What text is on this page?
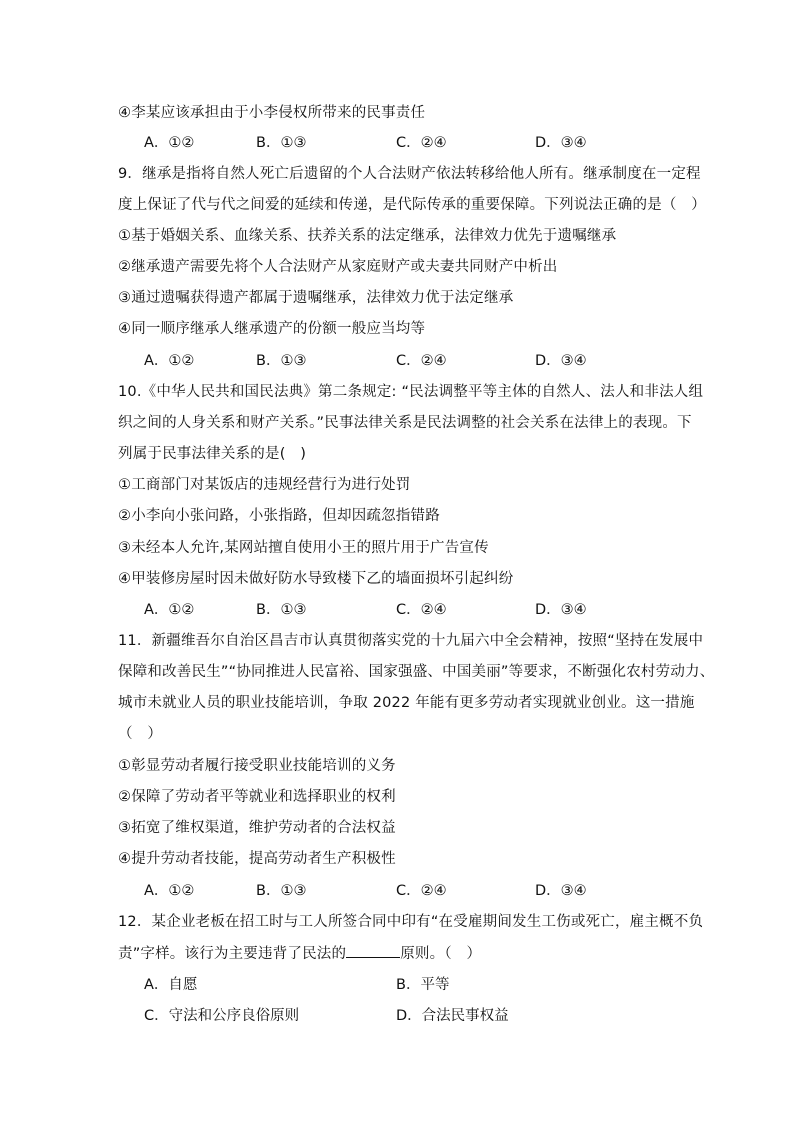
④李某应该承担由于小李侵权所带来的民事责任
A．①②	B．①③	C．②④	D．③④
9．继承是指将自然人死亡后遗留的个人合法财产依法转移给他人所有。继承制度在一定程
度上保证了代与代之间爱的延续和传递，是代际传承的重要保障。下列说法正确的是（　）
①基于婚姻关系、血缘关系、扶养关系的法定继承，法律效力优先于遗嘱继承
②继承遗产需要先将个人合法财产从家庭财产或夫妻共同财产中析出
③通过遗嘱获得遗产都属于遗嘱继承，法律效力优于法定继承
④同一顺序继承人继承遗产的份额一般应当均等
A．①②	B．①③	C．②④	D．③④
10.《中华人民共和国民法典》第二条规定: “民法调整平等主体的自然人、法人和非法人组
织之间的人身关系和财产关系。”民事法律关系是民法调整的社会关系在法律上的表现。下
列属于民事法律关系的是(　)
①工商部门对某饭店的违规经营行为进行处罚
②小李向小张问路，小张指路，但却因疏忽指错路
③未经本人允许,某网站擅自使用小王的照片用于广告宣传
④甲装修房屋时因未做好防水导致楼下乙的墙面损坏引起纠纷
A．①②	B．①③	C．②④	D．③④
11．新疆维吾尔自治区昌吉市认真贯彻落实党的十九届六中全会精神，按照“坚持在发展中
保障和改善民生”“协同推进人民富裕、国家强盛、中国美丽”等要求，不断强化农村劳动力、
城市未就业人员的职业技能培训，争取 2022 年能有更多劳动者实现就业创业。这一措施
（　）
①彰显劳动者履行接受职业技能培训的义务
②保障了劳动者平等就业和选择职业的权利
③拓宽了维权渠道，维护劳动者的合法权益
④提升劳动者技能，提高劳动者生产积极性
A．①②	B．①③	C．②④	D．③④
12．某企业老板在招工时与工人所签合同中印有“在受雇期间发生工伤或死亡，雇主概不负
责”字样。该行为主要违背了民法的	原则。（　）
A．自愿	B．平等
C．守法和公序良俗原则	D．合法民事权益
